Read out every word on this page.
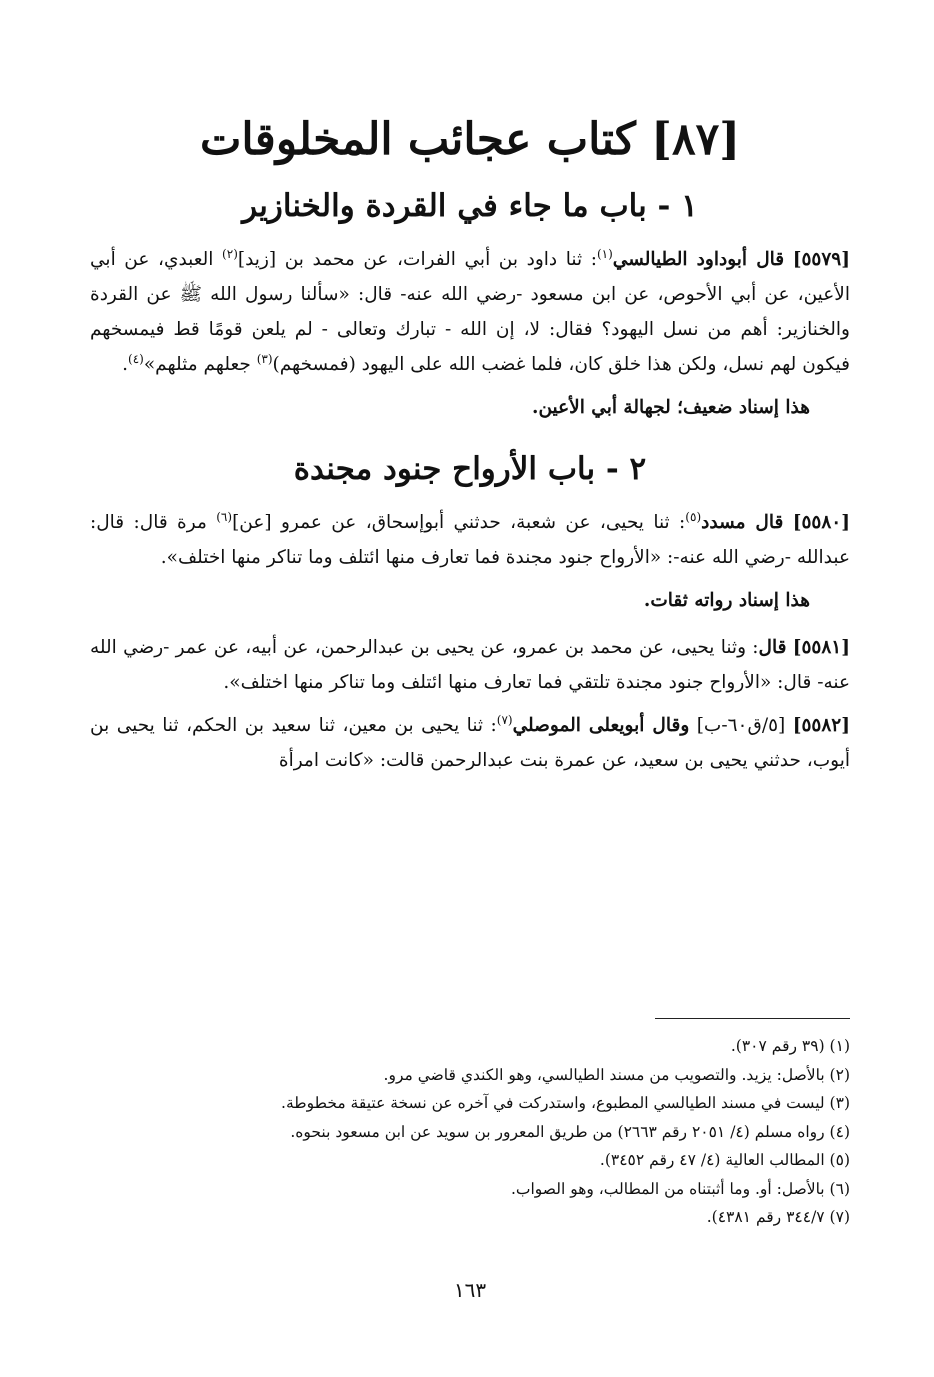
[٨٧] كتاب عجائب المخلوقات
١ - باب ما جاء في القردة والخنازير

[٥٥٧٩] قال أبوداود الطيالسي$^{(١)}$: ثنا داود بن أبي الفرات، عن محمد بن [زيد]$^{(٢)}$ العبدي، عن أبي الأعين، عن أبي الأحوص، عن ابن مسعود -رضي الله عنه- قال: «سألنا رسول الله ﷺ عن القردة والخنازير: أهم من نسل اليهود؟ فقال: لا، إن الله - تبارك وتعالى - لم يلعن قومًا قط فيمسخهم فيكون لهم نسل، ولكن هذا خلق كان، فلما غضب الله على اليهود (فمسخهم)$^{(٣)}$ جعلهم مثلهم»$^{(٤)}$.

هذا إسناد ضعيف؛ لجهالة أبي الأعين.

٢ - باب الأرواح جنود مجندة

[٥٥٨٠] قال مسدد$^{(٥)}$: ثنا يحيى، عن شعبة، حدثني أبوإسحاق، عن عمرو [عن]$^{(٦)}$ مرة قال: قال: عبدالله -رضي الله عنه-: «الأرواح جنود مجندة فما تعارف منها ائتلف وما تناكر منها اختلف».

هذا إسناد رواته ثقات.

[٥٥٨١] قال: وثنا يحيى، عن محمد بن عمرو، عن يحيى بن عبدالرحمن، عن أبيه، عن عمر -رضي الله عنه- قال: «الأرواح جنود مجندة تلتقي فما تعارف منها ائتلف وما تناكر منها اختلف».

[٥٥٨٢] [٥/ق٦٠-ب] وقال أبويعلى الموصلي$^{(٧)}$: ثنا يحيى بن معين، ثنا سعيد بن الحكم، ثنا يحيى بن أيوب، حدثني يحيى بن سعيد، عن عمرة بنت عبدالرحمن قالت: «كانت امرأة

(١) (٣٩ رقم ٣٠٧).
(٢) بالأصل: يزيد. والتصويب من مسند الطيالسي، وهو الكندي قاضي مرو.
(٣) ليست في مسند الطيالسي المطبوع، واستدركت في آخره عن نسخة عتيقة مخطوطة.
(٤) رواه مسلم (٤/ ٢٠٥١ رقم ٢٦٦٣) من طريق المعرور بن سويد عن ابن مسعود بنحوه.
(٥) المطالب العالية (٤/ ٤٧ رقم ٣٤٥٢).
(٦) بالأصل: أو. وما أثبتناه من المطالب، وهو الصواب.
(٧) ٣٤٤/٧ رقم ٤٣٨١).
١٦٣
